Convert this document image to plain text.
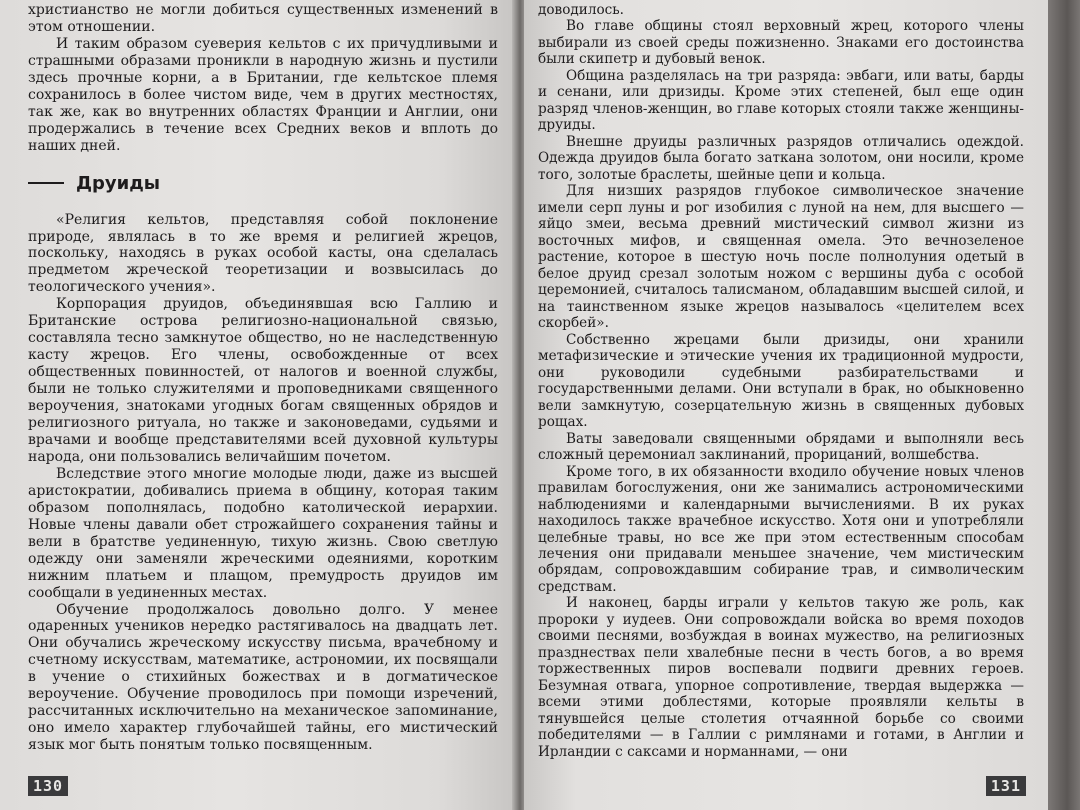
христианство не могли добиться существенных изменений в этом отношении.

И таким образом суеверия кельтов с их причудливыми и страшными образами проникли в народную жизнь и пустили здесь прочные корни, а в Британии, где кельтское племя сохранилось в более чистом виде, чем в других местностях, так же, как во внутренних областях Франции и Англии, они продержались в течение всех Средних веков и вплоть до наших дней.

Друиды

«Религия кельтов, представляя собой поклонение природе, являлась в то же время и религией жрецов, поскольку, находясь в руках особой касты, она сделалась предметом жреческой теоретизации и возвысилась до теологического учения».

Корпорация друидов, объединявшая всю Галлию и Британские острова религиозно-национальной связью, составляла тесно замкнутое общество, но не наследственную касту жрецов. Его члены, освобожденные от всех общественных повинностей, от налогов и военной службы, были не только служителями и проповедниками священного вероучения, знатоками угодных богам священных обрядов и религиозного ритуала, но также и законоведами, судьями и врачами и вообще представителями всей духовной культуры народа, они пользовались величайшим почетом.

Вследствие этого многие молодые люди, даже из высшей аристократии, добивались приема в общину, которая таким образом пополнялась, подобно католической иерархии. Новые члены давали обет строжайшего сохранения тайны и вели в братстве уединенную, тихую жизнь. Свою светлую одежду они заменяли жреческими одеяниями, коротким нижним платьем и плащом, премудрость друидов им сообщали в уединенных местах.

Обучение продолжалось довольно долго. У менее одаренных учеников нередко растягивалось на двадцать лет. Они обучались жреческому искусству письма, врачебному и счетному искусствам, математике, астрономии, их посвящали в учение о стихийных божествах и в догматическое вероучение. Обучение проводилось при помощи изречений, рассчитанных исключительно на механическое запоминание, оно имело характер глубочайшей тайны, его мистический язык мог быть понятым только посвященным.

130

доводилось.

Во главе общины стоял верховный жрец, которого члены выбирали из своей среды пожизненно. Знаками его достоинства были скипетр и дубовый венок.

Община разделялась на три разряда: эвбаги, или ваты, барды и сенани, или дризиды. Кроме этих степеней, был еще один разряд членов-женщин, во главе которых стояли также женщины-друиды.

Внешне друиды различных разрядов отличались одеждой. Одежда друидов была богато заткана золотом, они носили, кроме того, золотые браслеты, шейные цепи и кольца.

Для низших разрядов глубокое символическое значение имели серп луны и рог изобилия с луной на нем, для высшего — яйцо змеи, весьма древний мистический символ жизни из восточных мифов, и священная омела. Это вечнозеленое растение, которое в шестую ночь после полнолуния одетый в белое друид срезал золотым ножом с вершины дуба с особой церемонией, считалось талисманом, обладавшим высшей силой, и на таинственном языке жрецов называлось «целителем всех скорбей».

Собственно жрецами были дризиды, они хранили метафизические и этические учения их традиционной мудрости, они руководили судебными разбирательствами и государственными делами. Они вступали в брак, но обыкновенно вели замкнутую, созерцательную жизнь в священных дубовых рощах.

Ваты заведовали священными обрядами и выполняли весь сложный церемониал заклинаний, прорицаний, волшебства.

Кроме того, в их обязанности входило обучение новых членов правилам богослужения, они же занимались астрономическими наблюдениями и календарными вычислениями. В их руках находилось также врачебное искусство. Хотя они и употребляли целебные травы, но все же при этом естественным способам лечения они придавали меньшее значение, чем мистическим обрядам, сопровождавшим собирание трав, и символическим средствам.

И наконец, барды играли у кельтов такую же роль, как пророки у иудеев. Они сопровождали войска во время походов своими песнями, возбуждая в воинах мужество, на религиозных празднествах пели хвалебные песни в честь богов, а во время торжественных пиров воспевали подвиги древних героев. Безумная отвага, упорное сопротивление, твердая выдержка — всеми этими доблестями, которые проявляли кельты в тянувшейся целые столетия отчаянной борьбе со своими победителями — в Галлии с римлянами и готами, в Англии и Ирландии с саксами и норманнами, — они

131
